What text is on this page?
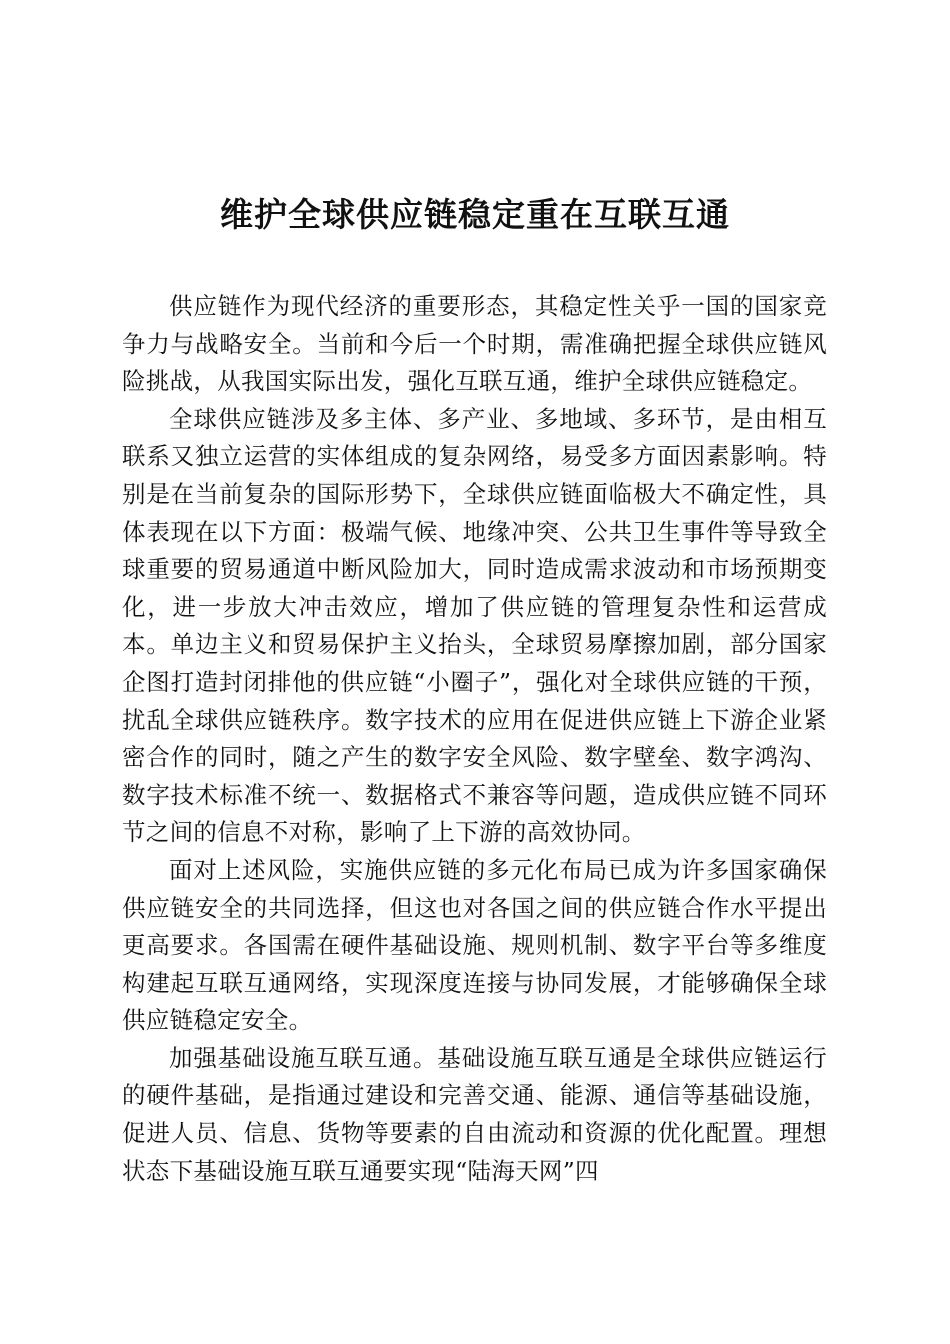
维护全球供应链稳定重在互联互通

供应链作为现代经济的重要形态，其稳定性关乎一国的国家竞争力与战略安全。当前和今后一个时期，需准确把握全球供应链风险挑战，从我国实际出发，强化互联互通，维护全球供应链稳定。

全球供应链涉及多主体、多产业、多地域、多环节，是由相互联系又独立运营的实体组成的复杂网络，易受多方面因素影响。特别是在当前复杂的国际形势下，全球供应链面临极大不确定性，具体表现在以下方面：极端气候、地缘冲突、公共卫生事件等导致全球重要的贸易通道中断风险加大，同时造成需求波动和市场预期变化，进一步放大冲击效应，增加了供应链的管理复杂性和运营成本。单边主义和贸易保护主义抬头，全球贸易摩擦加剧，部分国家企图打造封闭排他的供应链“小圈子”，强化对全球供应链的干预，扰乱全球供应链秩序。数字技术的应用在促进供应链上下游企业紧密合作的同时，随之产生的数字安全风险、数字壁垒、数字鸿沟、数字技术标准不统一、数据格式不兼容等问题，造成供应链不同环节之间的信息不对称，影响了上下游的高效协同。

面对上述风险，实施供应链的多元化布局已成为许多国家确保供应链安全的共同选择，但这也对各国之间的供应链合作水平提出更高要求。各国需在硬件基础设施、规则机制、数字平台等多维度构建起互联互通网络，实现深度连接与协同发展，才能够确保全球供应链稳定安全。

加强基础设施互联互通。基础设施互联互通是全球供应链运行的硬件基础，是指通过建设和完善交通、能源、通信等基础设施，促进人员、信息、货物等要素的自由流动和资源的优化配置。理想状态下基础设施互联互通要实现“陆海天网”四
